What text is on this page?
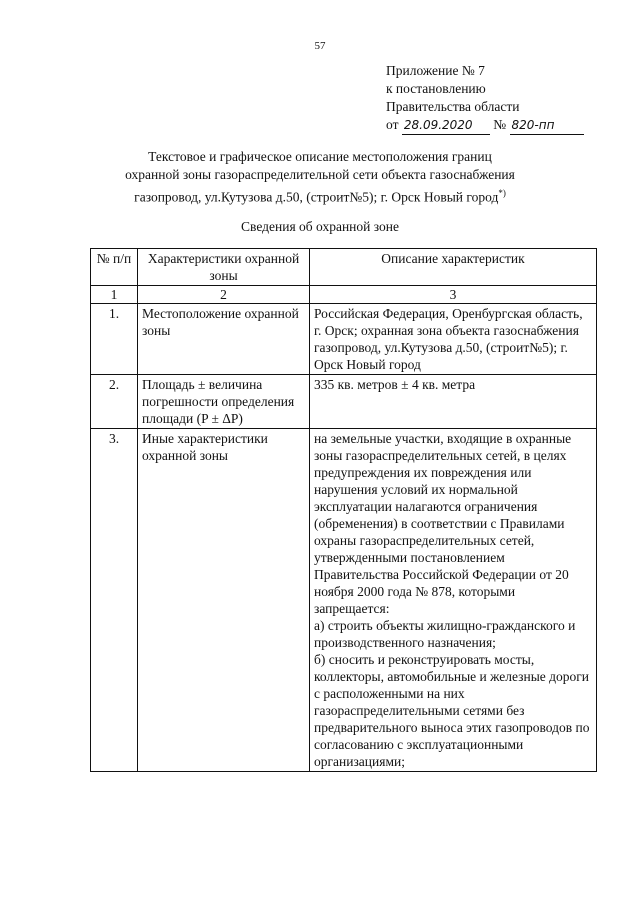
57
Приложение № 7
к постановлению
Правительства области
от 28.09.2020 № 820-пп
Текстовое и графическое описание местоположения границ
охранной зоны газораспределительной сети объекта газоснабжения
газопровод, ул.Кутузова д.50, (строит№5); г. Орск Новый город*)
Сведения об охранной зоне
№ п/п	Характеристики охранной зоны	Описание характеристик
1	2	3
1.	Местоположение охранной зоны	Российская Федерация, Оренбургская область, г. Орск; охранная зона объекта газоснабжения газопровод, ул.Кутузова д.50, (строит№5); г. Орск Новый город
2.	Площадь ± величина погрешности определения площади (P ± ΔP)	335 кв. метров ± 4 кв. метра
3.	Иные характеристики охранной зоны	на земельные участки, входящие в охранные зоны газораспределительных сетей, в целях предупреждения их повреждения или нарушения условий их нормальной эксплуатации налагаются ограничения (обременения) в соответствии с Правилами охраны газораспределительных сетей, утвержденными постановлением Правительства Российской Федерации от 20 ноября 2000 года № 878, которыми запрещается:
а) строить объекты жилищно-гражданского и производственного назначения;
б) сносить и реконструировать мосты, коллекторы, автомобильные и железные дороги с расположенными на них газораспределительными сетями без предварительного выноса этих газопроводов по согласованию с эксплуатационными организациями;
